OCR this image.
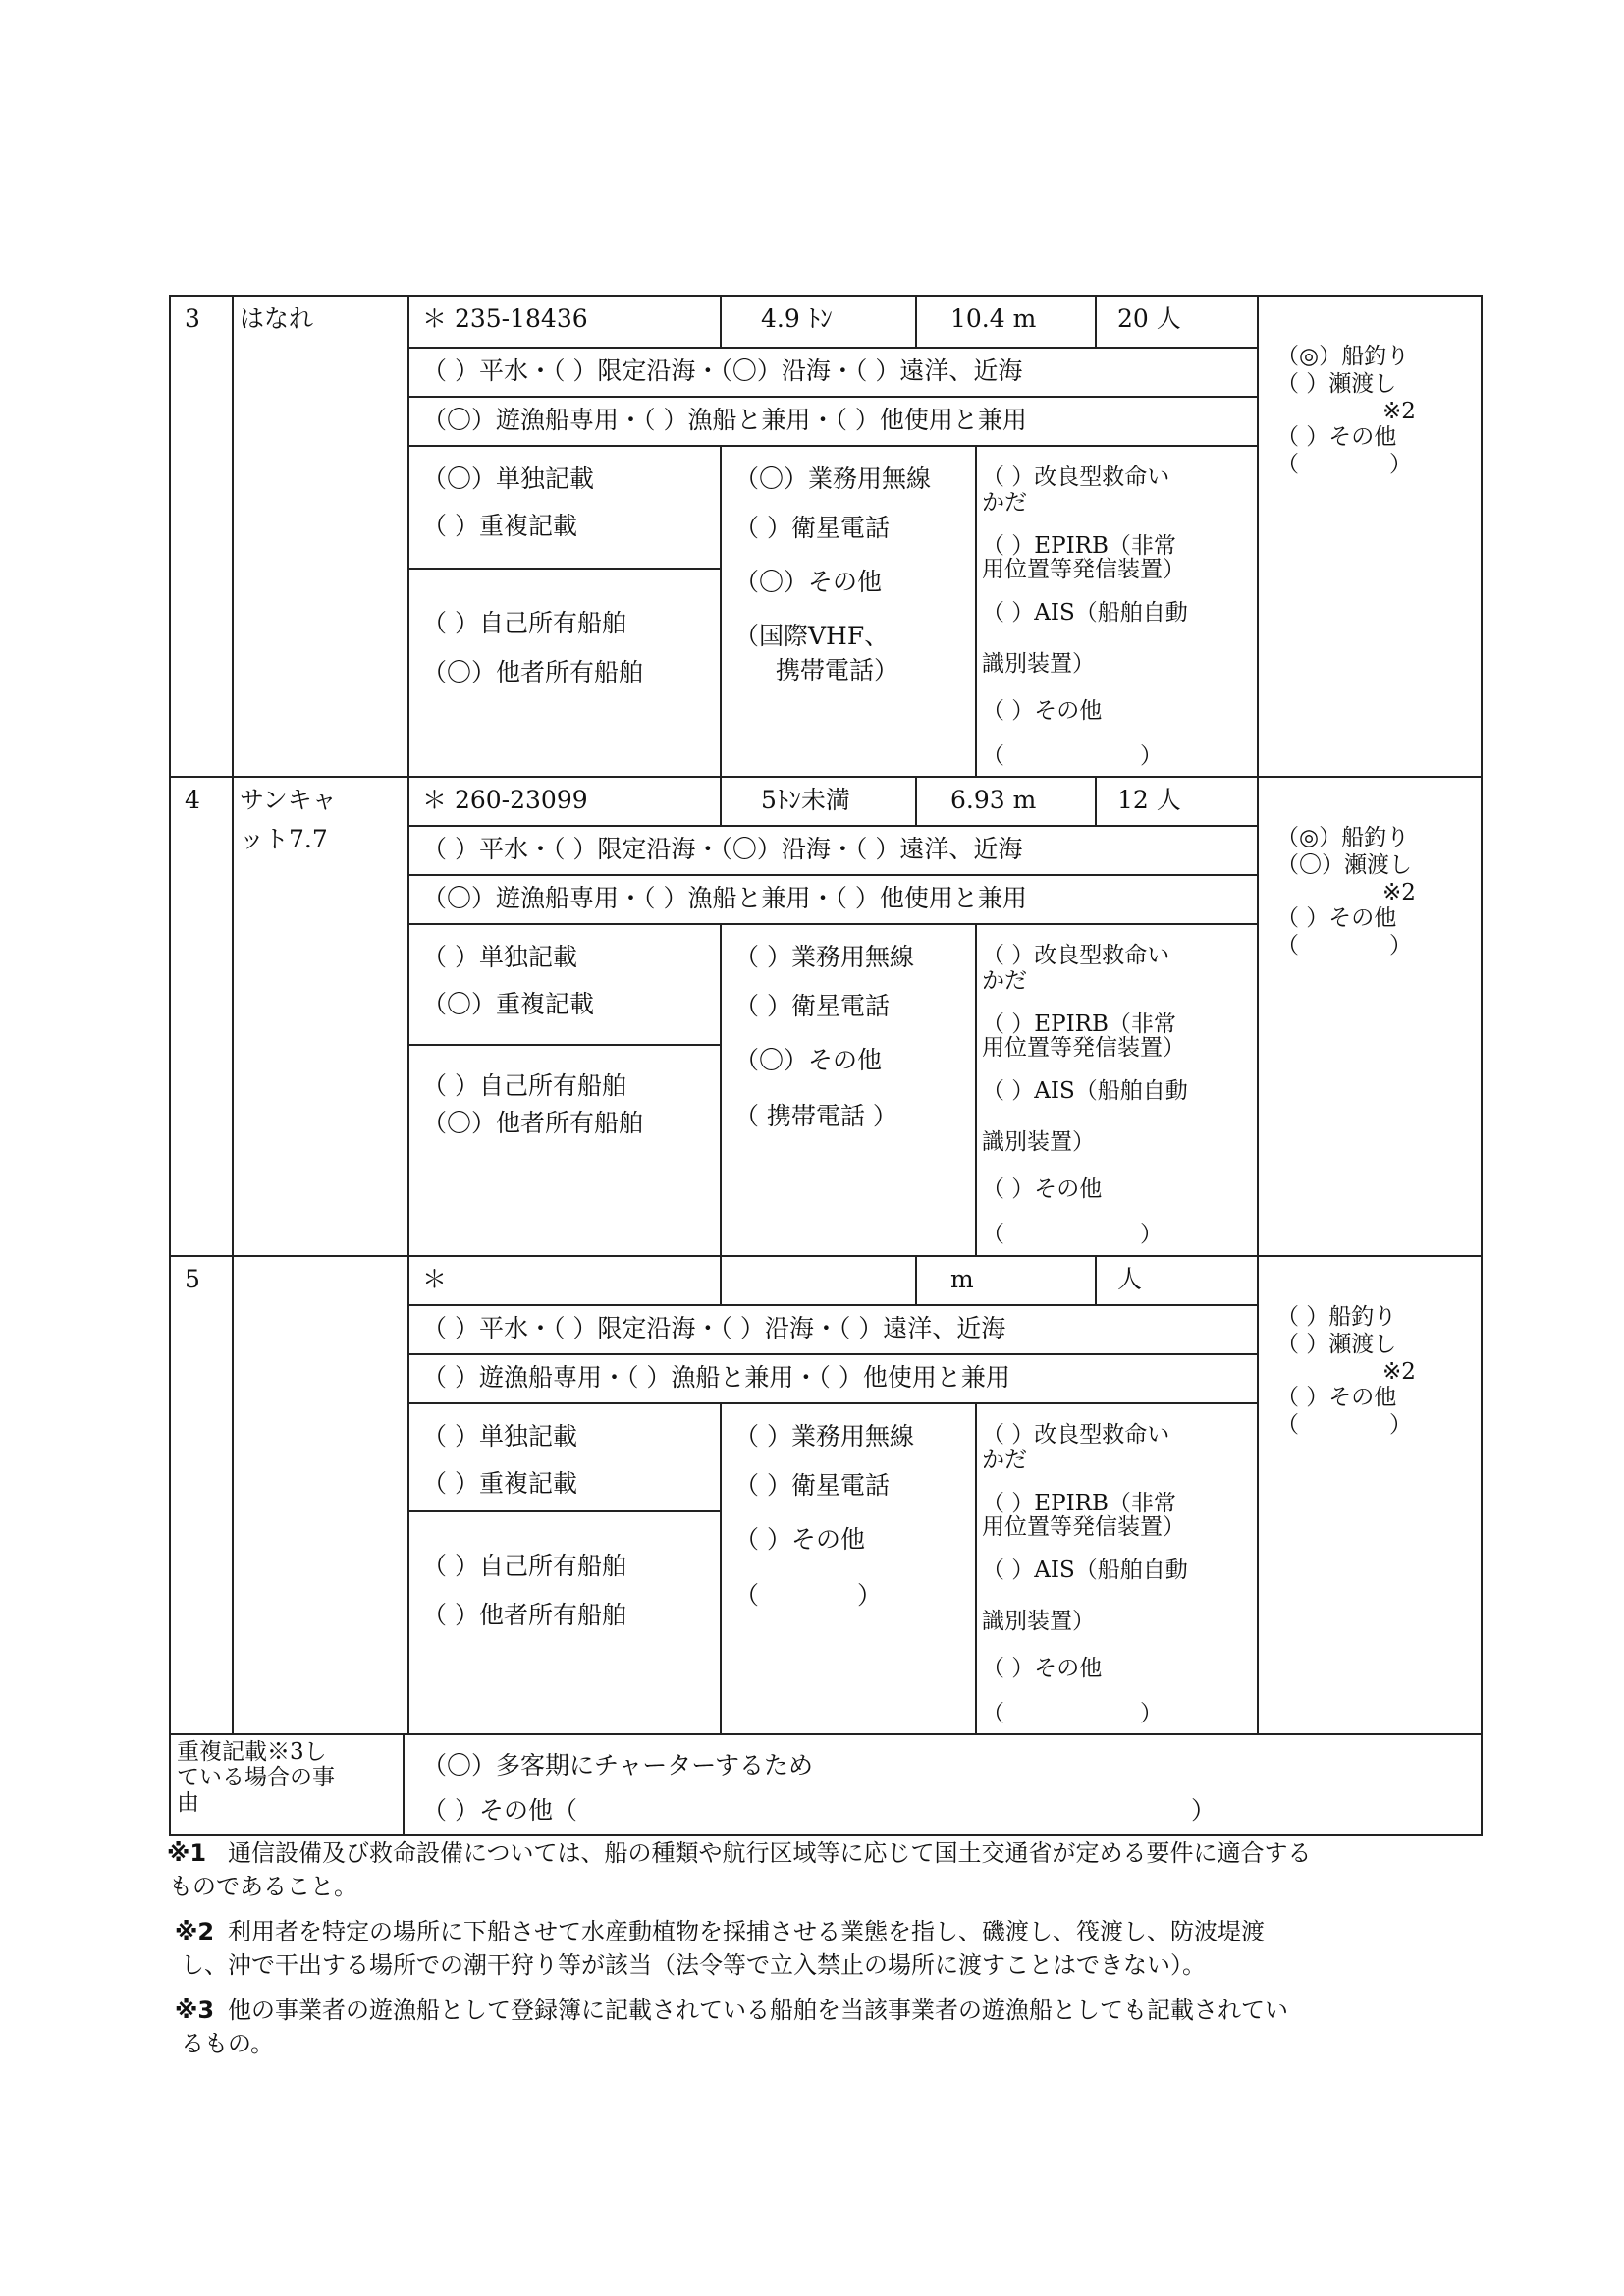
3 はなれ	＊ 235-18436	4.9 ﾄﾝ	10.4 m	20 人
（ ）平水・（ ）限定沿海・（〇）沿海・（ ）遠洋、近海
（〇）遊漁船専用・（ ）漁船と兼用・（ ）他使用と兼用
（〇）単独記載
（ ）重複記載
（ ）自己所有船舶
（〇）他者所有船舶
（〇）業務用無線
（ ）衛星電話
（〇）その他
（国際VHF、
携帯電話）
（ ）改良型救命い
かだ
（ ）EPIRB（非常
用位置等発信装置）
（ ）AIS（船舶自動
識別装置）
（ ）その他
（　　　　　　）
（◎）船釣り
（ ）瀬渡し
※2
（ ）その他
（　　　　）
4 サンキャ
ット7.7
＊ 260-23099	5ﾄﾝ未満	6.93 m	12 人
（ ）平水・（ ）限定沿海・（〇）沿海・（ ）遠洋、近海
（〇）遊漁船専用・（ ）漁船と兼用・（ ）他使用と兼用
（ ）単独記載
（〇）重複記載
（ ）自己所有船舶
（〇）他者所有船舶
（ ）業務用無線
（ ）衛星電話
（〇）その他
（ 携帯電話 ）
（ ）改良型救命い
かだ
（ ）EPIRB（非常
用位置等発信装置）
（ ）AIS（船舶自動
識別装置）
（ ）その他
（　　　　　　）
（◎）船釣り
（〇）瀬渡し
※2
（ ）その他
（　　　　）
5	＊	m	人
（ ）平水・（ ）限定沿海・（ ）沿海・（ ）遠洋、近海
（ ）遊漁船専用・（ ）漁船と兼用・（ ）他使用と兼用
（ ）単独記載
（ ）重複記載
（ ）自己所有船舶
（ ）他者所有船舶
（ ）業務用無線
（ ）衛星電話
（ ）その他
（　　　　）
（ ）改良型救命い
かだ
（ ）EPIRB（非常
用位置等発信装置）
（ ）AIS（船舶自動
識別装置）
（ ）その他
（　　　　　　）
（ ）船釣り
（ ）瀬渡し
※2
（ ）その他
（　　　　）
重複記載※3し
ている場合の事
由
（〇）多客期にチャーターするため
（ ）その他（　　　　　　　　　　　　　　　　　　　　　　　　　）
※1 通信設備及び救命設備については、船の種類や航行区域等に応じて国土交通省が定める要件に適合する
ものであること。
※2 利用者を特定の場所に下船させて水産動植物を採捕させる業態を指し、磯渡し、筏渡し、防波堤渡
し、沖で干出する場所での潮干狩り等が該当（法令等で立入禁止の場所に渡すことはできない）。
※3 他の事業者の遊漁船として登録簿に記載されている船舶を当該事業者の遊漁船としても記載されてい
るもの。
